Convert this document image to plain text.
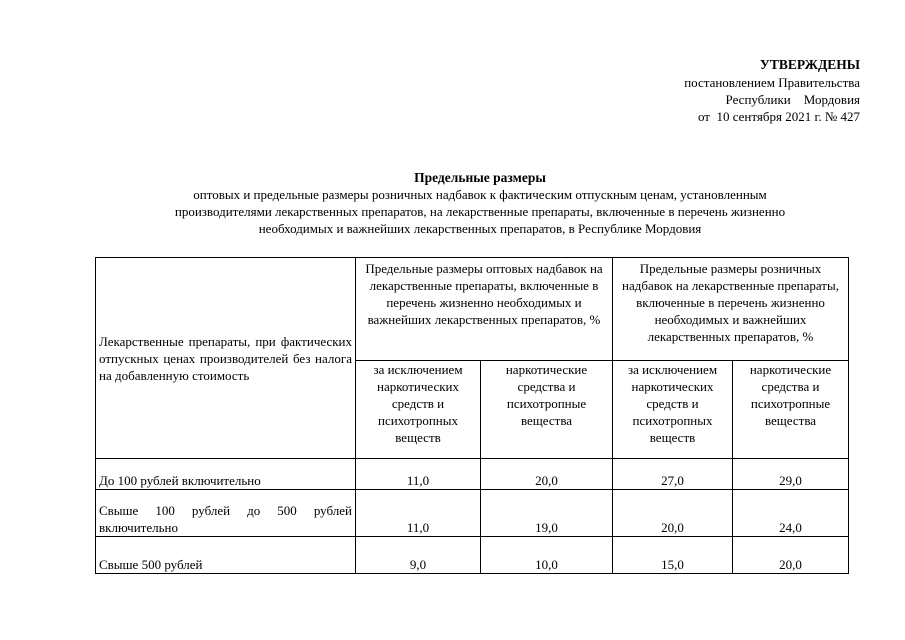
УТВЕРЖДЕНЫ
постановлением Правительства
Республики    Мордовия
от  10 сентября 2021 г. № 427
Предельные размеры
оптовых и предельные размеры розничных надбавок к фактическим отпускным ценам, установленным
производителями лекарственных препаратов, на лекарственные препараты, включенные в перечень жизненно
необходимых и важнейших лекарственных препаратов, в Республике Мордовия
Лекарственные препараты, при фактических отпускных ценах производителей без налога на добавленную стоимость	Предельные размеры оптовых надбавок на лекарственные препараты, включенные в перечень жизненно необходимых и важнейших лекарственных препаратов, %		Предельные размеры розничных надбавок на лекарственные препараты, включенные в перечень жизненно необходимых и важнейших лекарственных препаратов, %	
	за исключением наркотических средств и психотропных веществ	наркотические средства и психотропные вещества	за исключением наркотических средств и психотропных веществ	наркотические средства и психотропные вещества
До 100 рублей включительно	11,0	20,0	27,0	29,0
Свыше 100 рублей до 500 рублей включительно	11,0	19,0	20,0	24,0
Свыше 500 рублей	9,0	10,0	15,0	20,0
